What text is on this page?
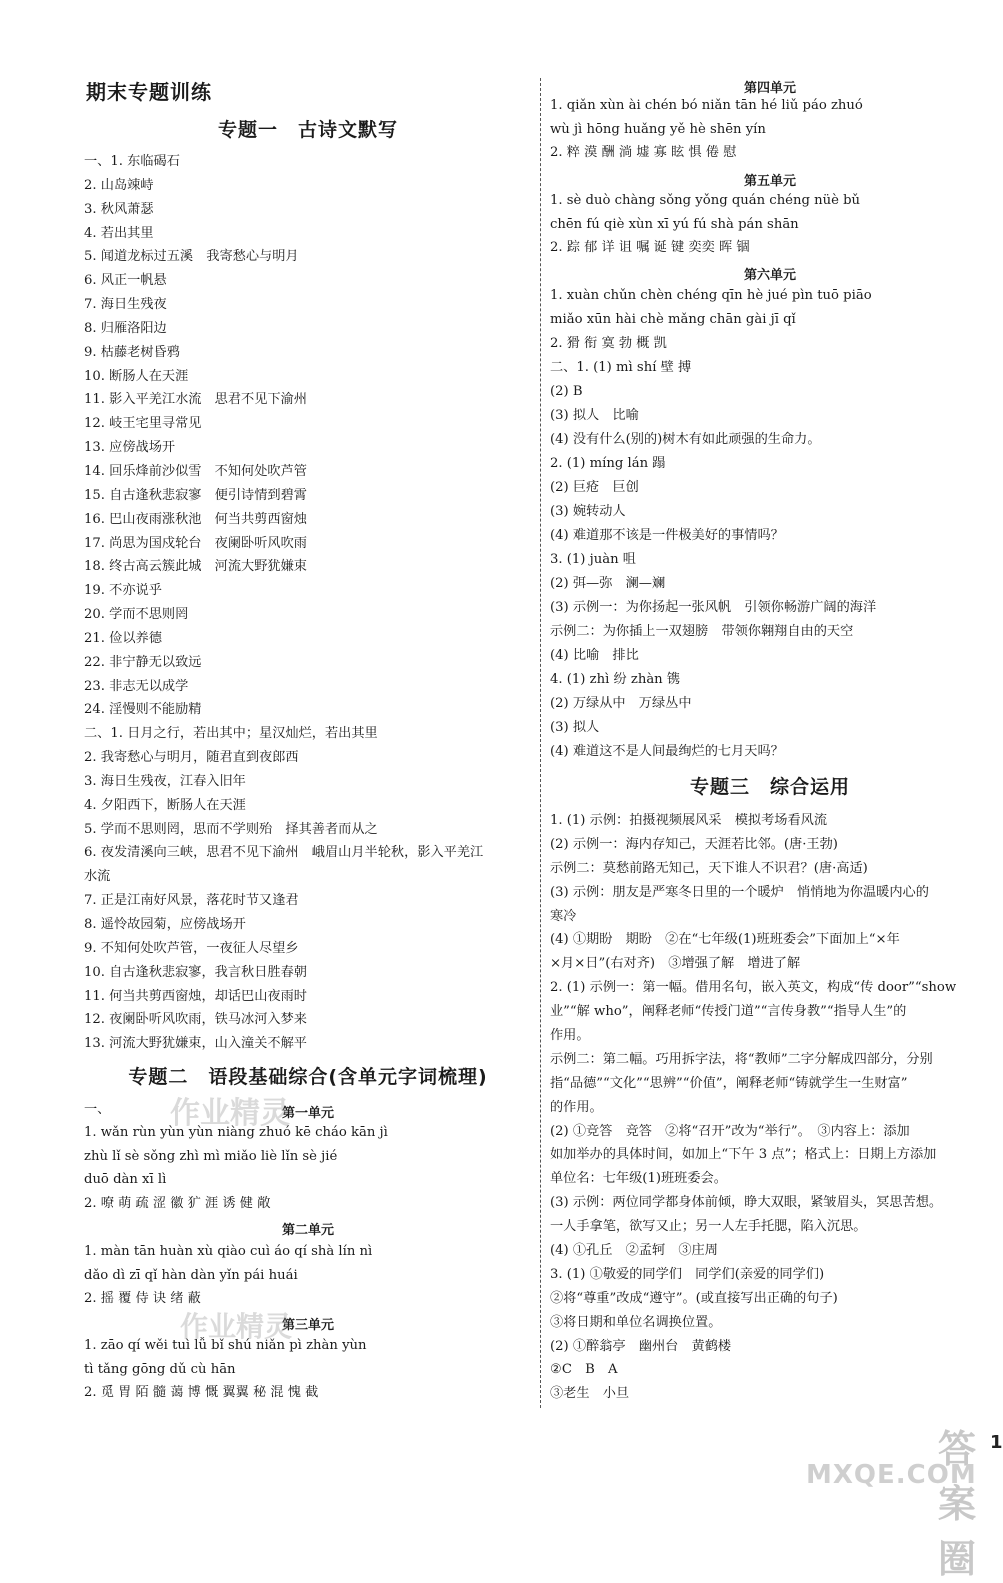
期末专题训练
专题一　古诗文默写
一、1. 东临碣石
2. 山岛竦峙
3. 秋风萧瑟
4. 若出其里
5. 闻道龙标过五溪　我寄愁心与明月
6. 风正一帆悬
7. 海日生残夜
8. 归雁洛阳边
9. 枯藤老树昏鸦
10. 断肠人在天涯
11. 影入平羌江水流　思君不见下渝州
12. 岐王宅里寻常见
13. 应傍战场开
14. 回乐烽前沙似雪　不知何处吹芦管
15. 自古逢秋悲寂寥　便引诗情到碧霄
16. 巴山夜雨涨秋池　何当共剪西窗烛
17. 尚思为国戍轮台　夜阑卧听风吹雨
18. 终古高云簇此城　河流大野犹嫌束
19. 不亦说乎
20. 学而不思则罔
21. 俭以养德
22. 非宁静无以致远
23. 非志无以成学
24. 淫慢则不能励精
二、1. 日月之行，若出其中；星汉灿烂，若出其里
2. 我寄愁心与明月，随君直到夜郎西
3. 海日生残夜，江春入旧年
4. 夕阳西下，断肠人在天涯
5. 学而不思则罔，思而不学则殆　择其善者而从之
6. 夜发清溪向三峡，思君不见下渝州　峨眉山月半轮秋，影入平羌江
水流
7. 正是江南好风景，落花时节又逢君
8. 遥怜故园菊，应傍战场开
9. 不知何处吹芦管，一夜征人尽望乡
10. 自古逢秋悲寂寥，我言秋日胜春朝
11. 何当共剪西窗烛，却话巴山夜雨时
12. 夜阑卧听风吹雨，铁马冰河入梦来
13. 河流大野犹嫌束，山入潼关不解平
专题二　语段基础综合(含单元字词梳理)
一、	第一单元
1. wǎn rùn yùn yùn niàng zhuó kē cháo kān jì
zhù lǐ sè sǒng zhì mì miǎo liè lǐn sè jié
duō dàn xī lì
2. 嘹 萌 疏 涩 徽 犷 涯 诱 健 敞
第二单元
1. màn tān huàn xù qiào cuì áo qí shà lín nì
dǎo dì zī qǐ hàn dàn yǐn pái huái
2. 摇 覆 侍 诀 绪 蔽
第三单元
1. zāo qí wěi tuì lǚ bǐ shú niǎn pì zhàn yùn
tì tǎng gōng dǔ cù hān
2. 觅 胃 陌 髓 蔼 博 慨 翼翼 秘 混 愧 截
第四单元
1. qiǎn xùn ài chén bó niǎn tān hé liǔ páo zhuó
wù jì hōng huǎng yě hè shēn yín
2. 粹 漠 酬 淌 墟 寡 眩 惧 倦 慰
第五单元
1. sè duò chàng sǒng yǒng quán chéng nüè bǔ
chēn fú qiè xùn xī yú fú shà pán shān
2. 踪 郁 详 诅 嘱 诞 键 奕奕 晖 锢
第六单元
1. xuàn chǔn chèn chéng qīn hè jué pìn tuō piāo
miǎo xūn hài chè mǎng chān gài jī qǐ
2. 猾 衔 寞 勃 概 凯
二、1. (1) mì shí 壁 搏
(2) B
(3) 拟人　比喻
(4) 没有什么(别的)树木有如此顽强的生命力。
2. (1) míng lán 蹋
(2) 巨疮　巨创
(3) 婉转动人
(4) 难道那不该是一件极美好的事情吗？
3. (1) juàn 咀
(2) 弭—弥　澜—斓
(3) 示例一：为你扬起一张风帆　引领你畅游广阔的海洋
示例二：为你插上一双翅膀　带领你翱翔自由的天空
(4) 比喻　排比
4. (1) zhì 纷 zhàn 镌
(2) 万绿从中　万绿丛中
(3) 拟人
(4) 难道这不是人间最绚烂的七月天吗？
专题三　综合运用
1. (1) 示例：拍摄视频展风采　模拟考场看风流
(2) 示例一：海内存知己，天涯若比邻。(唐·王勃)
示例二：莫愁前路无知己，天下谁人不识君？(唐·高适)
(3) 示例：朋友是严寒冬日里的一个暖炉　悄悄地为你温暖内心的
寒冷
(4) ①期盼　期盼　②在“七年级(1)班班委会”下面加上“×年
×月×日”(右对齐)　③增强了解　增进了解
2. (1) 示例一：第一幅。借用名句，嵌入英文，构成“传 door”“show
业”“解 who”，阐释老师“传授门道”“言传身教”“指导人生”的
作用。
示例二：第二幅。巧用拆字法，将“教师”二字分解成四部分，分别
指“品德”“文化”“思辨”“价值”，阐释老师“铸就学生一生财富”
的作用。
(2) ①竞答　竞答　②将“召开”改为“举行”。　③内容上：添加
如加举办的具体时间，如加上“下午 3 点”；格式上：日期上方添加
单位名：七年级(1)班班委会。
(3) 示例：两位同学都身体前倾，睁大双眼，紧皱眉头，冥思苦想。
一人手拿笔，欲写又止；另一人左手托腮，陷入沉思。
(4) ①孔丘　②孟轲　③庄周
3. (1) ①敬爱的同学们　同学们(亲爱的同学们)
②将“尊重”改成“遵守”。(或直接写出正确的句子)
③将日期和单位名调换位置。
(2) ①醉翁亭　幽州台　黄鹤楼
②C　B　A
③老生　小旦
作业精灵
作业精灵
1
答案圈
MXQE.COM
